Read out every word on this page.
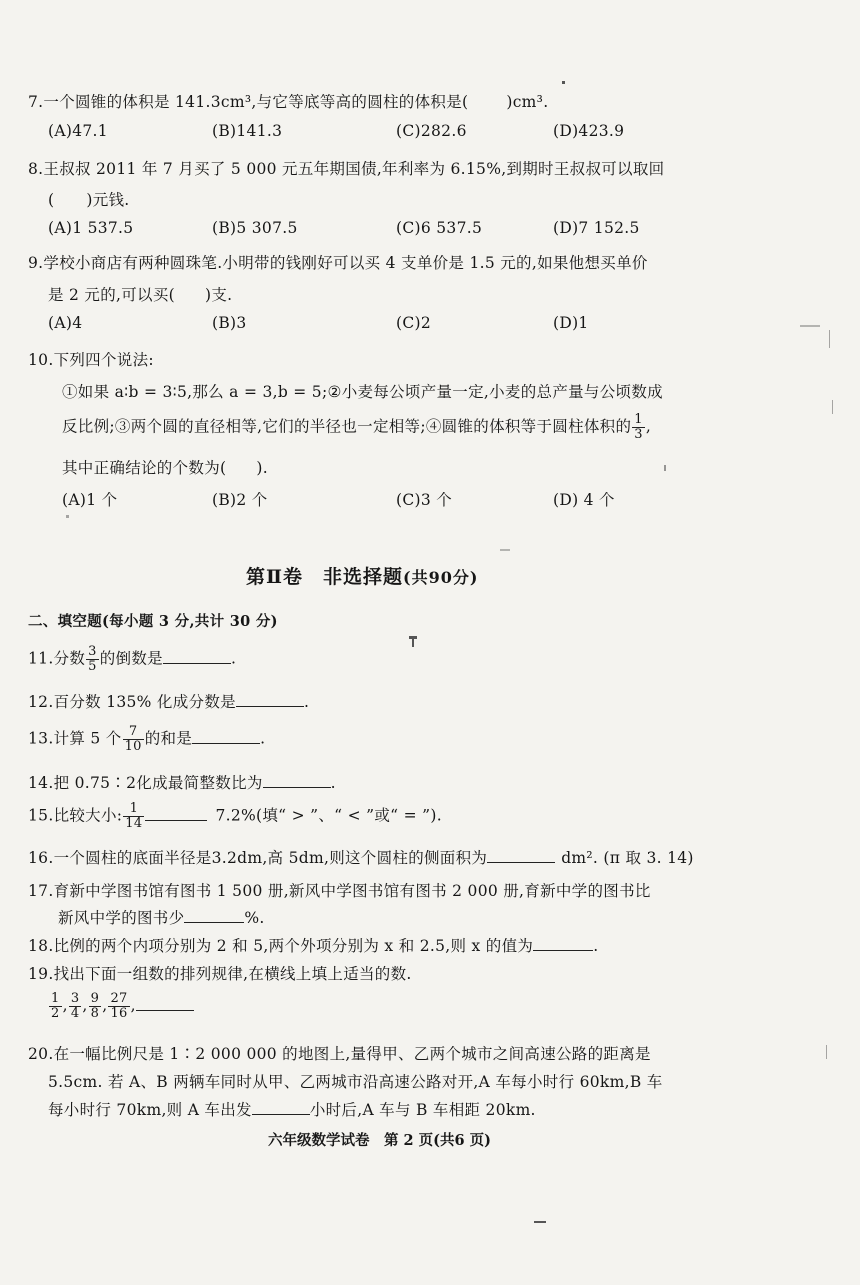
7.一个圆锥的体积是 141.3cm³,与它等底等高的圆柱的体积是( )cm³.
(A)47.1	(B)141.3	(C)282.6	(D)423.9
8.王叔叔 2011 年 7 月买了 5 000 元五年期国债,年利率为 6.15%,到期时王叔叔可以取回
( )元钱.
(A)1 537.5	(B)5 307.5	(C)6 537.5	(D)7 152.5
9.学校小商店有两种圆珠笔.小明带的钱刚好可以买 4 支单价是 1.5 元的,如果他想买单价
是 2 元的,可以买( )支.
(A)4	(B)3	(C)2	(D)1
10.下列四个说法:
①如果 a∶b = 3∶5,那么 a = 3,b = 5;②小麦每公顷产量一定,小麦的总产量与公顷数成
反比例;③两个圆的直径相等,它们的半径也一定相等;④圆锥的体积等于圆柱体积的 $\frac{1}{3}$ ,
其中正确结论的个数为( ).
(A)1 个	(B)2 个	(C)3 个	(D) 4 个
第Ⅱ卷　非选择题(共90分)
二、填空题(每小题 3 分,共计 30 分)
11.分数 $\frac{3}{5}$ 的倒数是	.
12.百分数 135% 化成分数是	.
13.计算 5 个 $\frac{7}{10}$ 的和是	.
14.把 0.75∶2化成最简整数比为	.
15.比较大小: $\frac{1}{14}$	7.2%(填“ > ”、“ < ”或“ = ”).
16.一个圆柱的底面半径是3.2dm,高 5dm,则这个圆柱的侧面积为	dm². (π 取 3. 14)
17.育新中学图书馆有图书 1 500 册,新风中学图书馆有图书 2 000 册,育新中学的图书比
新风中学的图书少	%.
18.比例的两个内项分别为 2 和 5,两个外项分别为 x 和 2.5,则 x 的值为	.
19.找出下面一组数的排列规律,在横线上填上适当的数.
$\frac{1}{2}$ , $\frac{3}{4}$ , $\frac{9}{8}$ , $\frac{27}{16}$ ,
20.在一幅比例尺是 1∶2 000 000 的地图上,量得甲、乙两个城市之间高速公路的距离是
5.5cm. 若 A、B 两辆车同时从甲、乙两城市沿高速公路对开,A 车每小时行 60km,B 车
每小时行 70km,则 A 车出发	小时后,A 车与 B 车相距 20km.
六年级数学试卷　第 2 页(共6 页)
